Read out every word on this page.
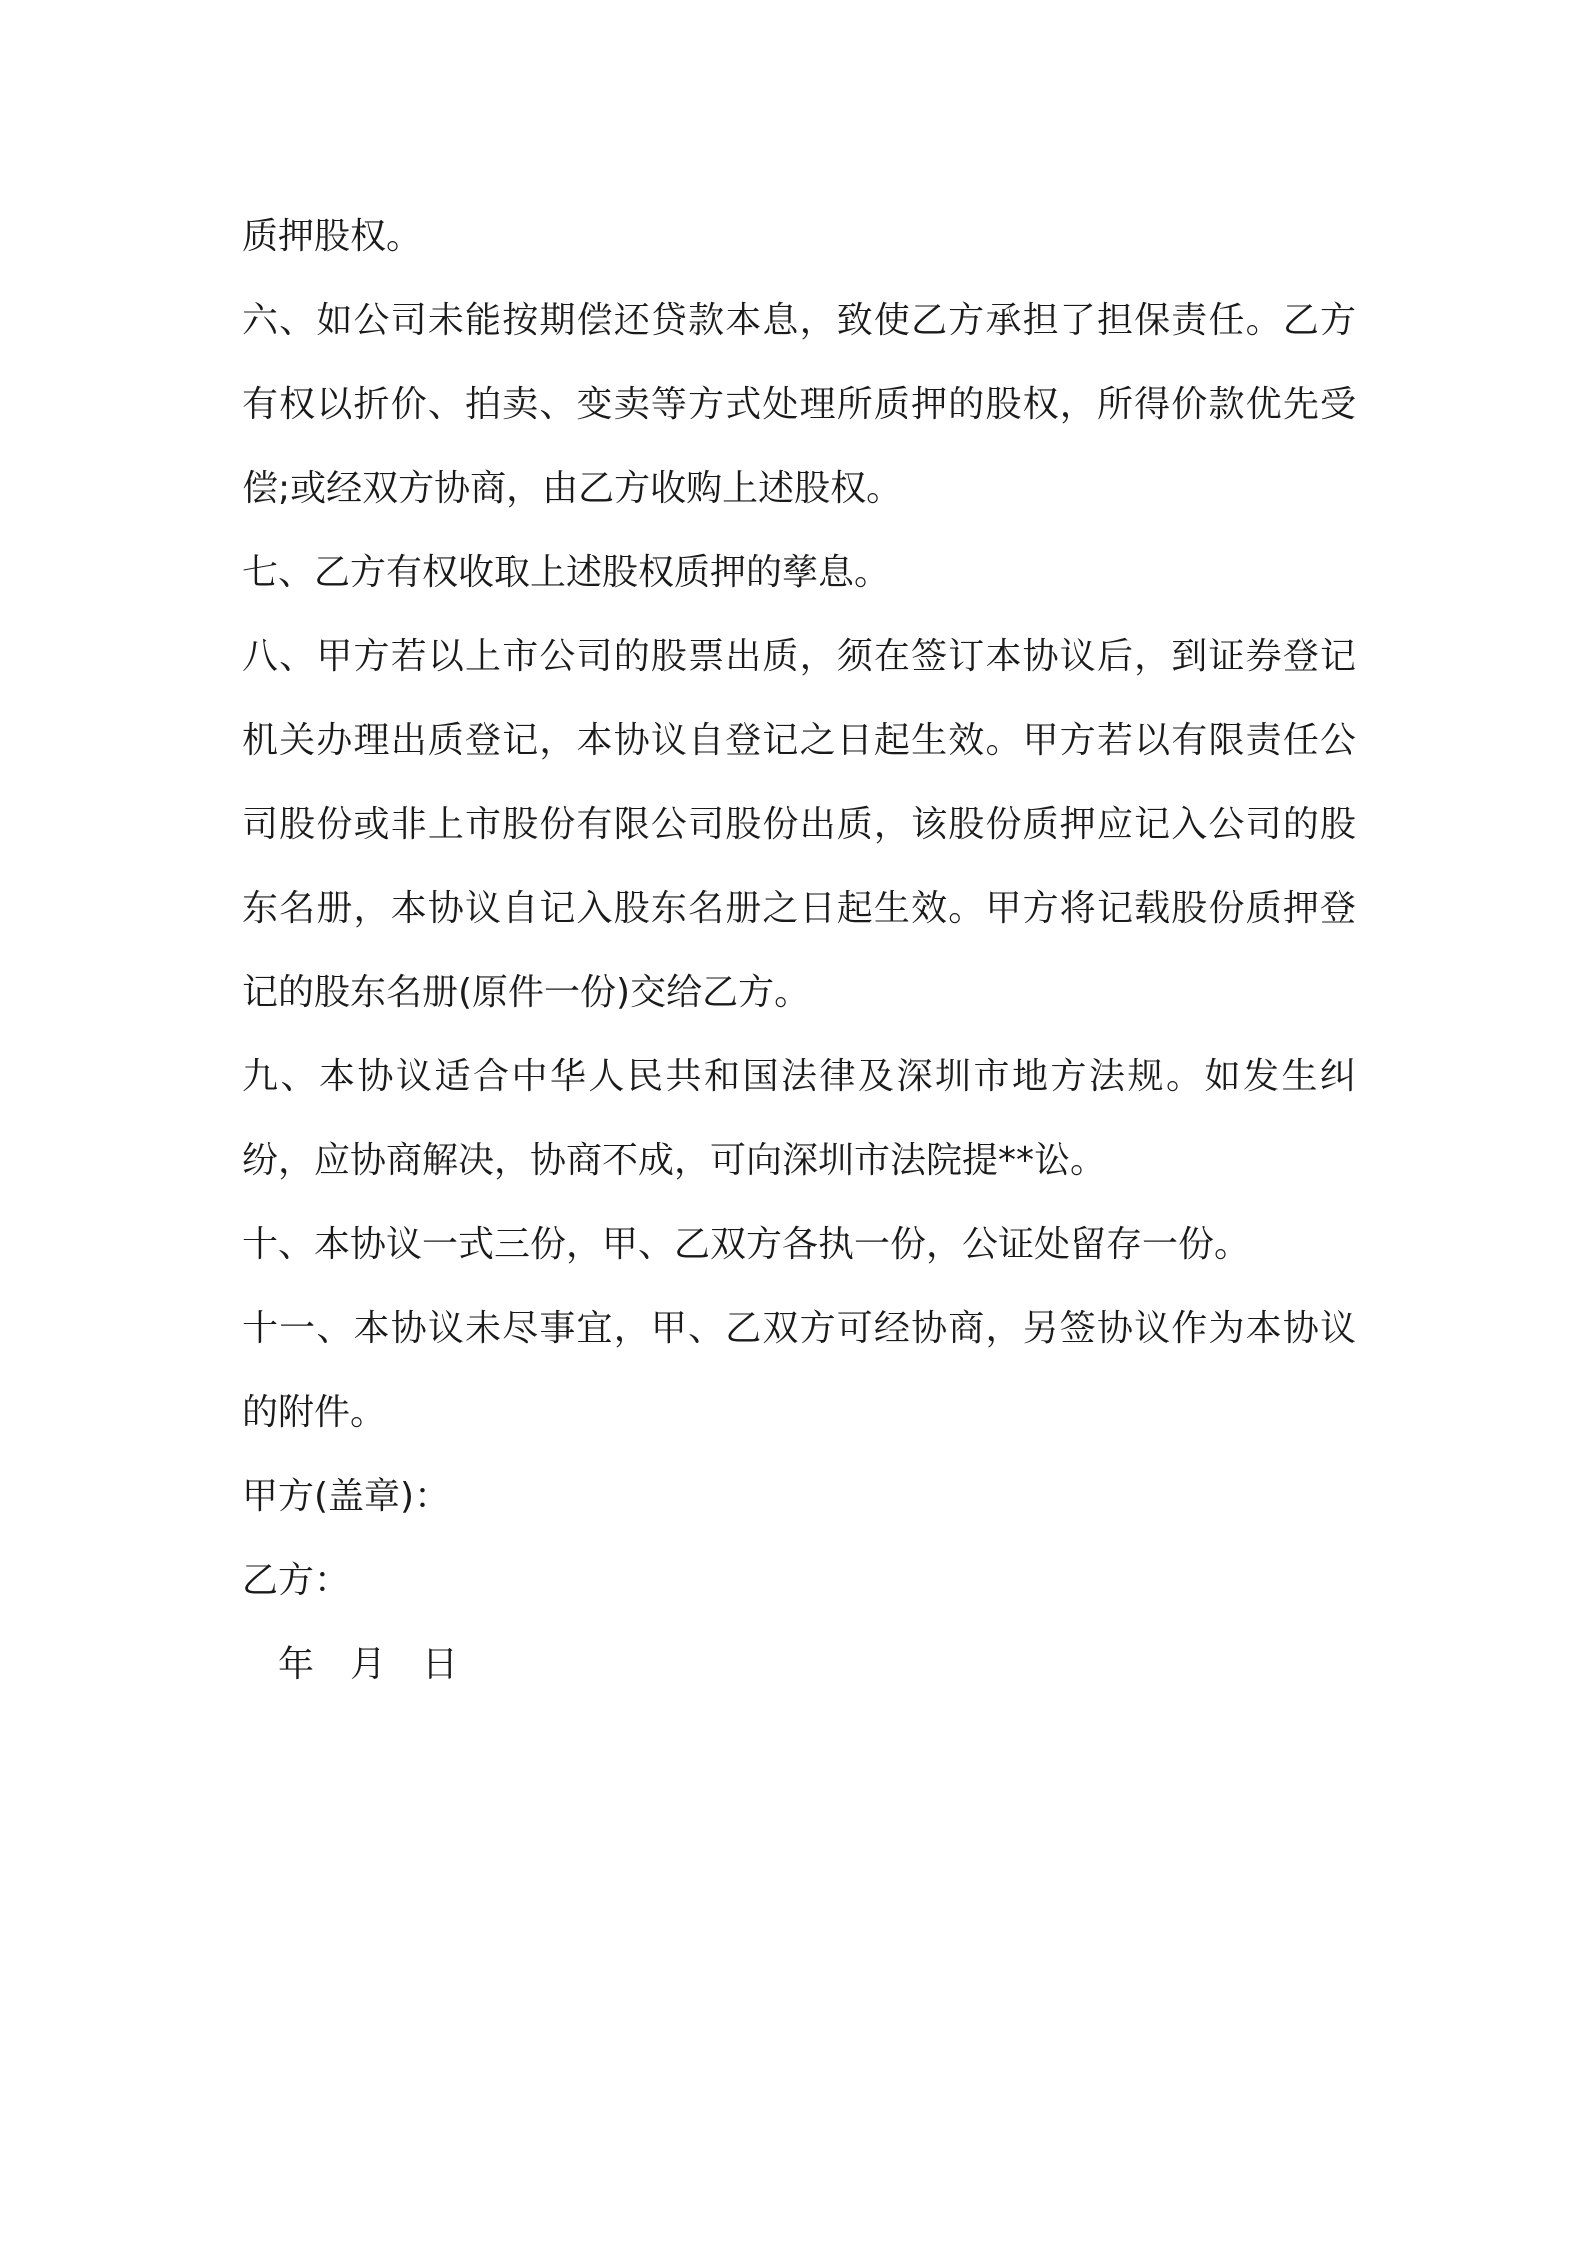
质押股权。

六、如公司未能按期偿还贷款本息，致使乙方承担了担保责任。乙方有权以折价、拍卖、变卖等方式处理所质押的股权，所得价款优先受偿;或经双方协商，由乙方收购上述股权。

七、乙方有权收取上述股权质押的孳息。

八、甲方若以上市公司的股票出质，须在签订本协议后，到证券登记机关办理出质登记，本协议自登记之日起生效。甲方若以有限责任公司股份或非上市股份有限公司股份出质，该股份质押应记入公司的股东名册，本协议自记入股东名册之日起生效。甲方将记载股份质押登记的股东名册(原件一份)交给乙方。

九、本协议适合中华人民共和国法律及深圳市地方法规。如发生纠纷，应协商解决，协商不成，可向深圳市法院提**讼。

十、本协议一式三份，甲、乙双方各执一份，公证处留存一份。

十一、本协议未尽事宜，甲、乙双方可经协商，另签协议作为本协议的附件。

甲方(盖章)：

乙方：

年　月　日
